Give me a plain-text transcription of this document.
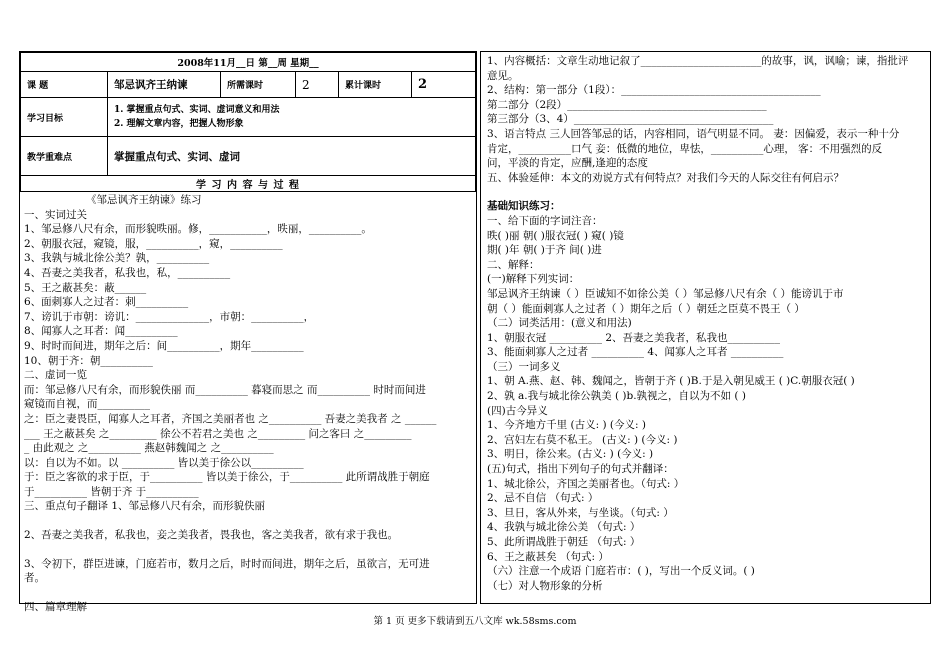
2008年11月__日 第__周 星期__					
课 题	邹忌讽齐王纳谏	所需课时	2	累计课时	2
学习目标	1. 掌握重点句式、实词、虚词意义和用法
2. 理解文章内容，把握人物形象				

教学重难点	掌握重点句式、实词、虚词				
学 习 内 容 与 过 程					
《邹忌讽齐王纳谏》练习
一、实词过关
1、邹忌修八尺有余，而形貌昳丽。修，___________，昳丽，__________。
2、朝服衣冠，窥镜，服，__________，窥，__________
3、我孰与城北徐公美？孰，__________
4、吾妻之美我者，私我也，私，__________
5、王之蔽甚矣：蔽______
6、面刺寡人之过者：刺__________
7、谤讥于市朝：谤讥：______________，市朝：__________，
8、闻寡人之耳者：闻__________
9、时时而间进，期年之后：间__________，期年__________
10、朝于齐：朝__________
二、虚词一览
而：邹忌修八尺有余，而形貌佚丽 而__________ 暮寝而思之 而__________ 时时而间进
窥镜而自视，而__________
之：臣之妻畏臣，闻寡人之耳者，齐国之美丽者也 之__________ 吾妻之美我者 之 ______
___ 王之蔽甚矣 之_________ 徐公不若君之美也 之_________ 问之客曰 之_________
_ 由此观之 之__________ 燕赵韩魏闻之 之__________
以：自以为不如。以 __________ 皆以美于徐公以__________
于：臣之客欲的求于臣，于__________ 皆以美于徐公，于__________ 此所谓战胜于朝庭
于__________ 皆朝于齐 于__________
三、重点句子翻译 1、邹忌修八尺有余，而形貌佚丽
2、吾妻之美我者，私我也，妾之美我者，畏我也，客之美我者，欲有求于我也。
3、令初下，群臣进谏，门庭若市，数月之后，时时而间进，期年之后，虽欲言，无可进
者。
四、篇章理解
1、内容概括：文章生动地记叙了_______________________的故事，讽，讽喻；谏，指批评
意见。
2、结构：第一部分（1段）：______________________________________
第二部分（2段）______________________________________
第三部分（3、4）______________________________________
3、语言特点 三人回答邹忌的话，内容相同，语气明显不同。 妻：因偏爱，表示一种十分
肯定，__________口气 妾：低微的地位，卑怯，__________心理， 客：不用强烈的反
问，平淡的肯定，应酬,逢迎的态度
五、体验延伸：本文的劝说方式有何特点？对我们今天的人际交往有何启示？
基础知识练习：
一、给下面的字词注音：
昳( )丽 朝( )服衣冠( ) 窥( )镜
期( )年 朝( )于齐 间( )进
二、解释：
(一)解释下列实词：
邹忌讽齐王纳谏（ ）臣诚知不如徐公美（ ）邹忌修八尺有余（ ）能谤讥于市
朝（ ）能面刺寡人之过者（ ）期年之后（ ）朝廷之臣莫不畏王（ ）
（二）词类活用：(意义和用法)
1、朝服衣冠 __________ 2、吾妻之美我者，私我也__________
3、能面刺寡人之过者 __________ 4、闻寡人之耳者 __________
（三）一词多义
1、朝 A.燕、赵、韩、魏闻之，皆朝于齐 ( )B.于是入朝见威王 ( )C.朝服衣冠( )
2、孰 a.我与城北徐公孰美 ( )b.孰视之，自以为不如 ( )
(四)古今异义
1、今齐地方千里 (古义: ) (今义: )
2、宫妇左右莫不私王。 (古义: ) (今义: )
3、明日，徐公来。(古义: ) (今义: )
(五)句式，指出下列句子的句式并翻译：
1、城北徐公，齐国之美丽者也。（句式: ）
2、忌不自信 （句式: ）
3、旦日，客从外来，与坐谈。（句式: ）
4、我孰与城北徐公美 （句式: ）
5、此所谓战胜于朝廷 （句式: ）
6、王之蔽甚矣 （句式: ）
（六）注意一个成语 门庭若市：( )，写出一个反义词。( )
（七）对人物形象的分析
第 1 页 更多下载请到五八文库 wk.58sms.com
